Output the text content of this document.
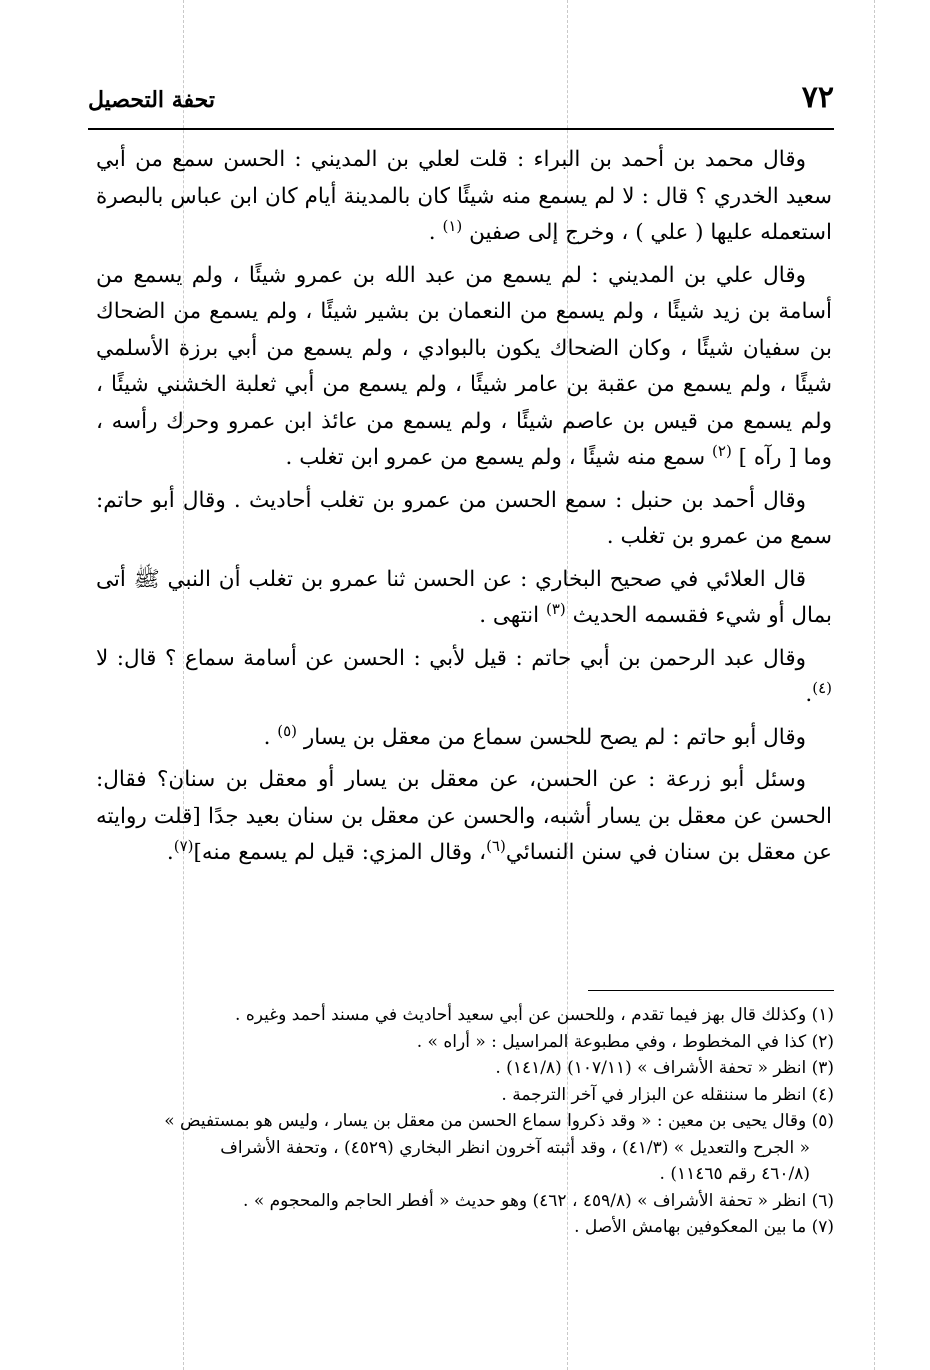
٧٢
تحفة التحصيل

وقال محمد بن أحمد بن البراء : قلت لعلي بن المديني : الحسن سمع من أبي سعيد الخدري ؟ قال : لا لم يسمع منه شيئًا كان بالمدينة أيام كان ابن عباس بالبصرة استعمله عليها ( علي ) ، وخرج إلى صفين $^{(١)}$ .

وقال علي بن المديني : لم يسمع من عبد الله بن عمرو شيئًا ، ولم يسمع من أسامة بن زيد شيئًا ، ولم يسمع من النعمان بن بشير شيئًا ، ولم يسمع من الضحاك بن سفيان شيئًا ، وكان الضحاك يكون بالبوادي ، ولم يسمع من أبي برزة الأسلمي شيئًا ، ولم يسمع من عقبة بن عامر شيئًا ، ولم يسمع من أبي ثعلبة الخشني شيئًا ، ولم يسمع من قيس بن عاصم شيئًا ، ولم يسمع من عائذ ابن عمرو وحرك رأسه ، وما [ رآه ] $^{(٢)}$ سمع منه شيئًا ، ولم يسمع من عمرو ابن تغلب .

وقال أحمد بن حنبل : سمع الحسن من عمرو بن تغلب أحاديث . وقال أبو حاتم: سمع من عمرو بن تغلب .

قال العلائي في صحيح البخاري : عن الحسن ثنا عمرو بن تغلب أن النبي ﷺ أتى بمال أو شيء فقسمه الحديث $^{(٣)}$ انتهى .

وقال عبد الرحمن بن أبي حاتم : قيل لأبي : الحسن عن أسامة سماع ؟ قال: لا $^{(٤)}$.

وقال أبو حاتم : لم يصح للحسن سماع من معقل بن يسار $^{(٥)}$ .

وسئل أبو زرعة : عن الحسن، عن معقل بن يسار أو معقل بن سنان؟ فقال: الحسن عن معقل بن يسار أشبه، والحسن عن معقل بن سنان بعيد جدًا [قلت روايته عن معقل بن سنان في سنن النسائي$^{(٦)}$، وقال المزي: قيل لم يسمع منه]$^{(٧)}$.

(١) وكذلك قال بهز فيما تقدم ، وللحسن عن أبي سعيد أحاديث في مسند أحمد وغيره .

(٢) كذا في المخطوط ، وفي مطبوعة المراسيل : « أراه » .

(٣) انظر « تحفة الأشراف » (١٠٧/١١) (١٤١/٨) .

(٤) انظر ما سننقله عن البزار في آخر الترجمة .

(٥) وقال يحيى بن معين : « وقد ذكروا سماع الحسن من معقل بن يسار ، وليس هو بمستفيض »

« الجرح والتعديل » (٤١/٣) ، وقد أثبته آخرون انظر البخاري (٤٥٢٩) ، وتحفة الأشراف

(٤٦٠/٨ رقم ١١٤٦٥) .

(٦) انظر « تحفة الأشراف » (٤٥٩/٨ ، ٤٦٢) وهو حديث « أفطر الحاجم والمحجوم » .

(٧) ما بين المعكوفين بهامش الأصل .
